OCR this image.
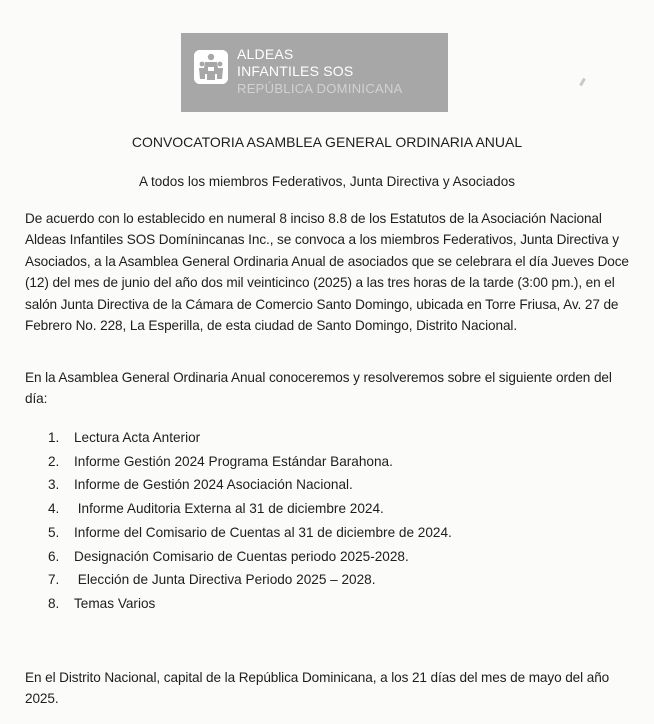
ALDEAS
INFANTILES SOS
REPÚBLICA DOMINICANA
CONVOCATORIA ASAMBLEA GENERAL ORDINARIA ANUAL

A todos los miembros Federativos, Junta Directiva y Asociados

De acuerdo con lo establecido en numeral 8 inciso 8.8 de los Estatutos de la Asociación Nacional Aldeas Infantiles SOS Domínincanas Inc., se convoca a los miembros Federativos, Junta Directiva y Asociados, a la Asamblea General Ordinaria Anual de asociados que se celebrara el día Jueves Doce (12) del mes de junio del año dos mil veinticinco (2025) a las tres horas de la tarde (3:00 pm.), en el salón Junta Directiva de la Cámara de Comercio Santo Domingo, ubicada en Torre Friusa, Av. 27 de Febrero No. 228, La Esperilla, de esta ciudad de Santo Domingo, Distrito Nacional.

En la Asamblea General Ordinaria Anual conoceremos y resolveremos sobre el siguiente orden del día:

1.	Lectura Acta Anterior
2.	Informe Gestión 2024 Programa Estándar Barahona.
3.	Informe de Gestión 2024 Asociación Nacional.
4.	Informe Auditoria Externa al 31 de diciembre 2024.
5.	Informe del Comisario de Cuentas al 31 de diciembre de 2024.
6.	Designación Comisario de Cuentas periodo 2025-2028.
7.	Elección de Junta Directiva Periodo 2025 – 2028.
8.	Temas Varios

En el Distrito Nacional, capital de la República Dominicana, a los 21 días del mes de mayo del año 2025.
